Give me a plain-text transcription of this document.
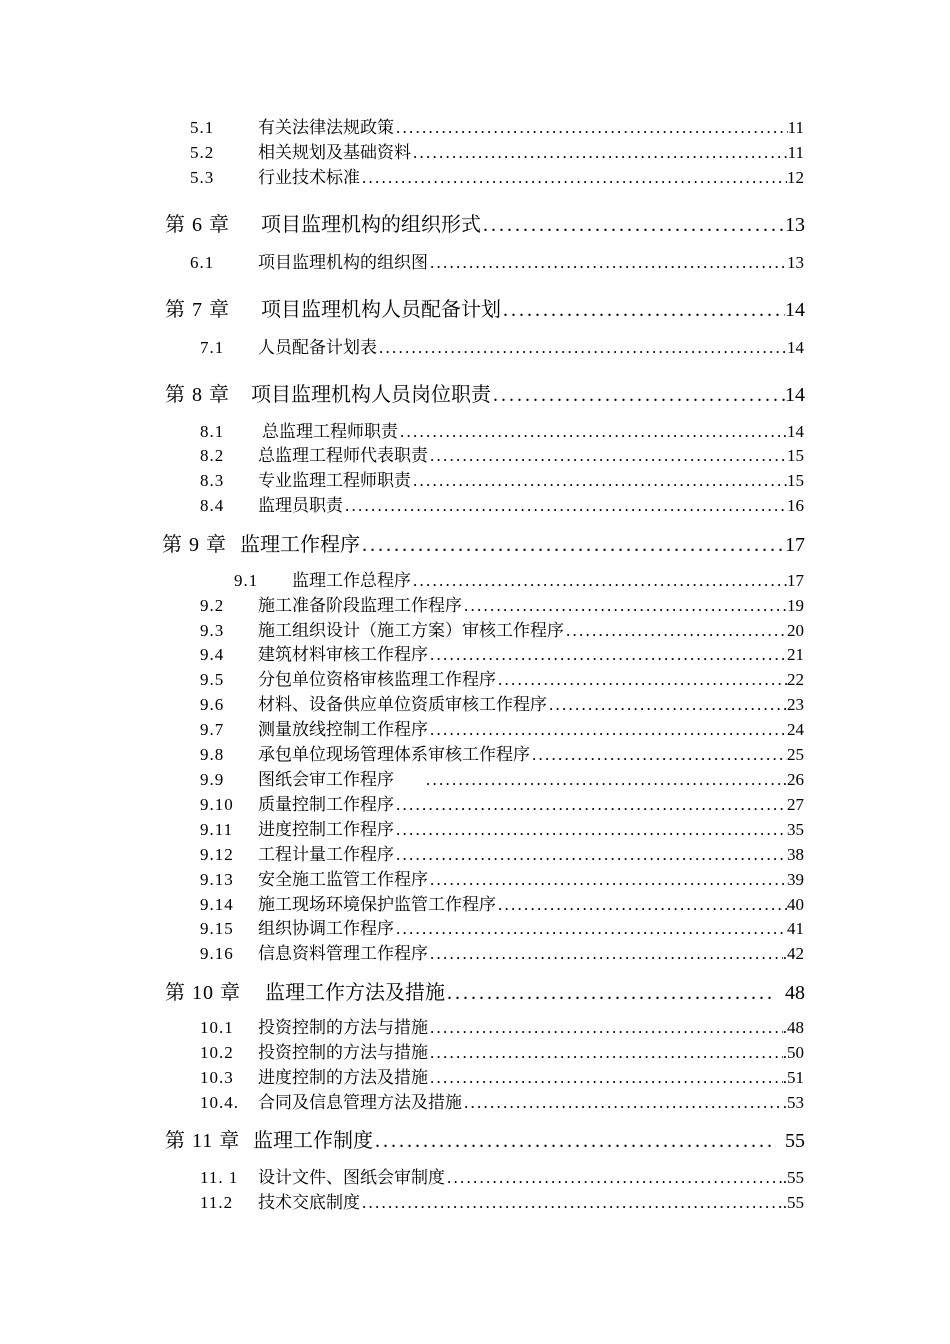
5.1	有关法律法规政策 . . .	11
5.2	相关规划及基础资料 . . .	11
5.3	行业技术标准 . . .	12
第 6 章	项目监理机构的组织形式 . . .	13
6.1	项目监理机构的组织图 . . .	13
第 7 章	项目监理机构人员配备计划 . . .	14
7.1	人员配备计划表 . . .	14
第 8 章	项目监理机构人员岗位职责 . . .	14
8.1	总监理工程师职责 . . .	.14
8.2	总监理工程师代表职责 . . .	15
8.3	专业监理工程师职责 . . .	15
8.4	监理员职责 . . .	16
第 9 章 监理工作程序 . . .	17
9.1	监理工作总程序 . . .	17
9.2	施工准备阶段监理工作程序 . . .	19
9.3	施工组织设计（施工方案）审核工作程序 . . .	20
9.4	建筑材料审核工作程序 . . .	21
9.5	分包单位资格审核监理工作程序 . . .	22
9.6	材料、设备供应单位资质审核工作程序 . . .	23
9.7	测量放线控制工作程序 . . .	24
9.8	承包单位现场管理体系审核工作程序 . . .	25
9.9	图纸会审工作程序 . . .	.26
9.10	质量控制工作程序 . . .	27
9.11	进度控制工作程序 . . .	35
9.12	工程计量工作程序 . . .	38
9.13	安全施工监管工作程序 . . .	39
9.14	施工现场环境保护监管工作程序 . . .	40
9.15	组织协调工作程序 . . .	41
9.16	信息资料管理工作程序 . . .	.42
第 10 章	监理工作方法及措施 . . .	48
10.1	投资控制的方法与措施 . . .	.48
10.2	投资控制的方法与措施 . . .	.50
10.3	进度控制的方法及措施 . . .	.51
10.4.	合同及信息管理方法及措施 . . .	.53
第 11 章 监理工作制度 . . .	55
11. 1	设计文件、图纸会审制度 . . .	.55
11.2	技术交底制度 . . .	.55
